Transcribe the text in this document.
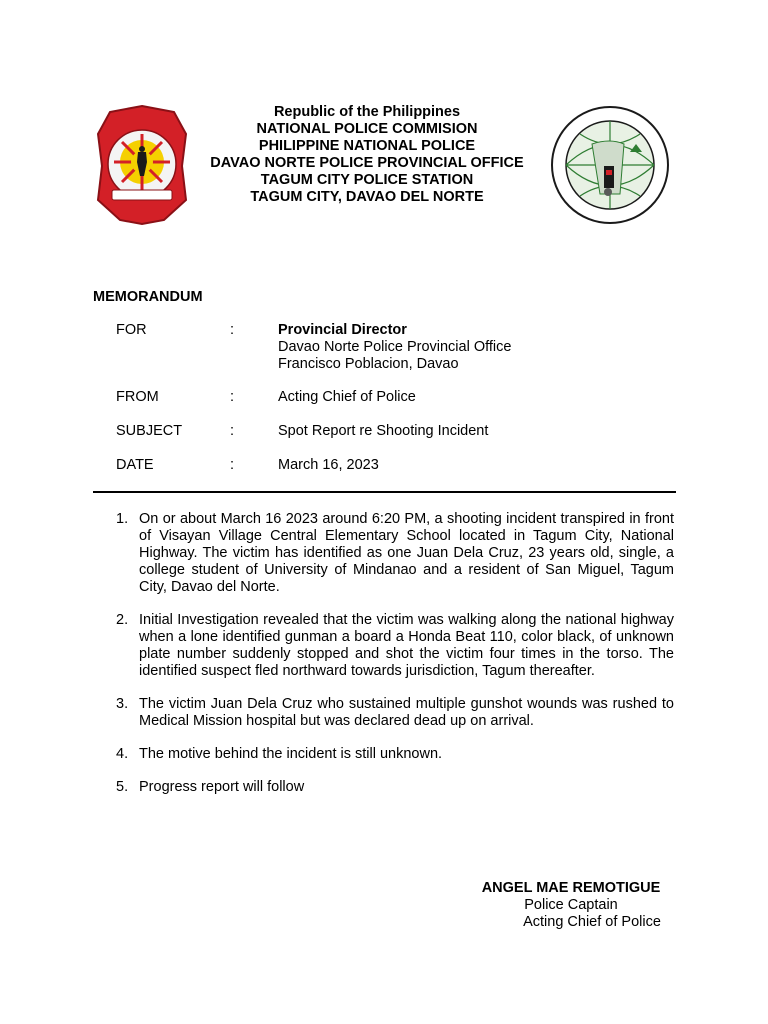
Republic of the Philippines
NATIONAL POLICE COMMISION
PHILIPPINE NATIONAL POLICE
DAVAO NORTE POLICE PROVINCIAL OFFICE
TAGUM CITY POLICE STATION
TAGUM CITY, DAVAO DEL NORTE
MEMORANDUM
FOR	:	Provincial Director
Davao Norte Police Provincial Office
Francisco Poblacion, Davao
FROM	:	Acting Chief of Police
SUBJECT	:	Spot Report re Shooting Incident
DATE	:	March 16, 2023
1. On or about March 16 2023 around 6:20 PM, a shooting incident transpired in front of Visayan Village Central Elementary School located in Tagum City, National Highway. The victim has identified as one Juan Dela Cruz, 23 years old, single, a college student of University of Mindanao and a resident of San Miguel, Tagum City, Davao del Norte.
2. Initial Investigation revealed that the victim was walking along the national highway when a lone identified gunman a board a Honda Beat 110, color black, of unknown plate number suddenly stopped and shot the victim four times in the torso. The identified suspect fled northward towards jurisdiction, Tagum thereafter.
3. The victim Juan Dela Cruz who sustained multiple gunshot wounds was rushed to Medical Mission hospital but was declared dead up on arrival.
4. The motive behind the incident is still unknown.
5. Progress report will follow
ANGEL MAE REMOTIGUE
Police Captain
Acting Chief of Police
